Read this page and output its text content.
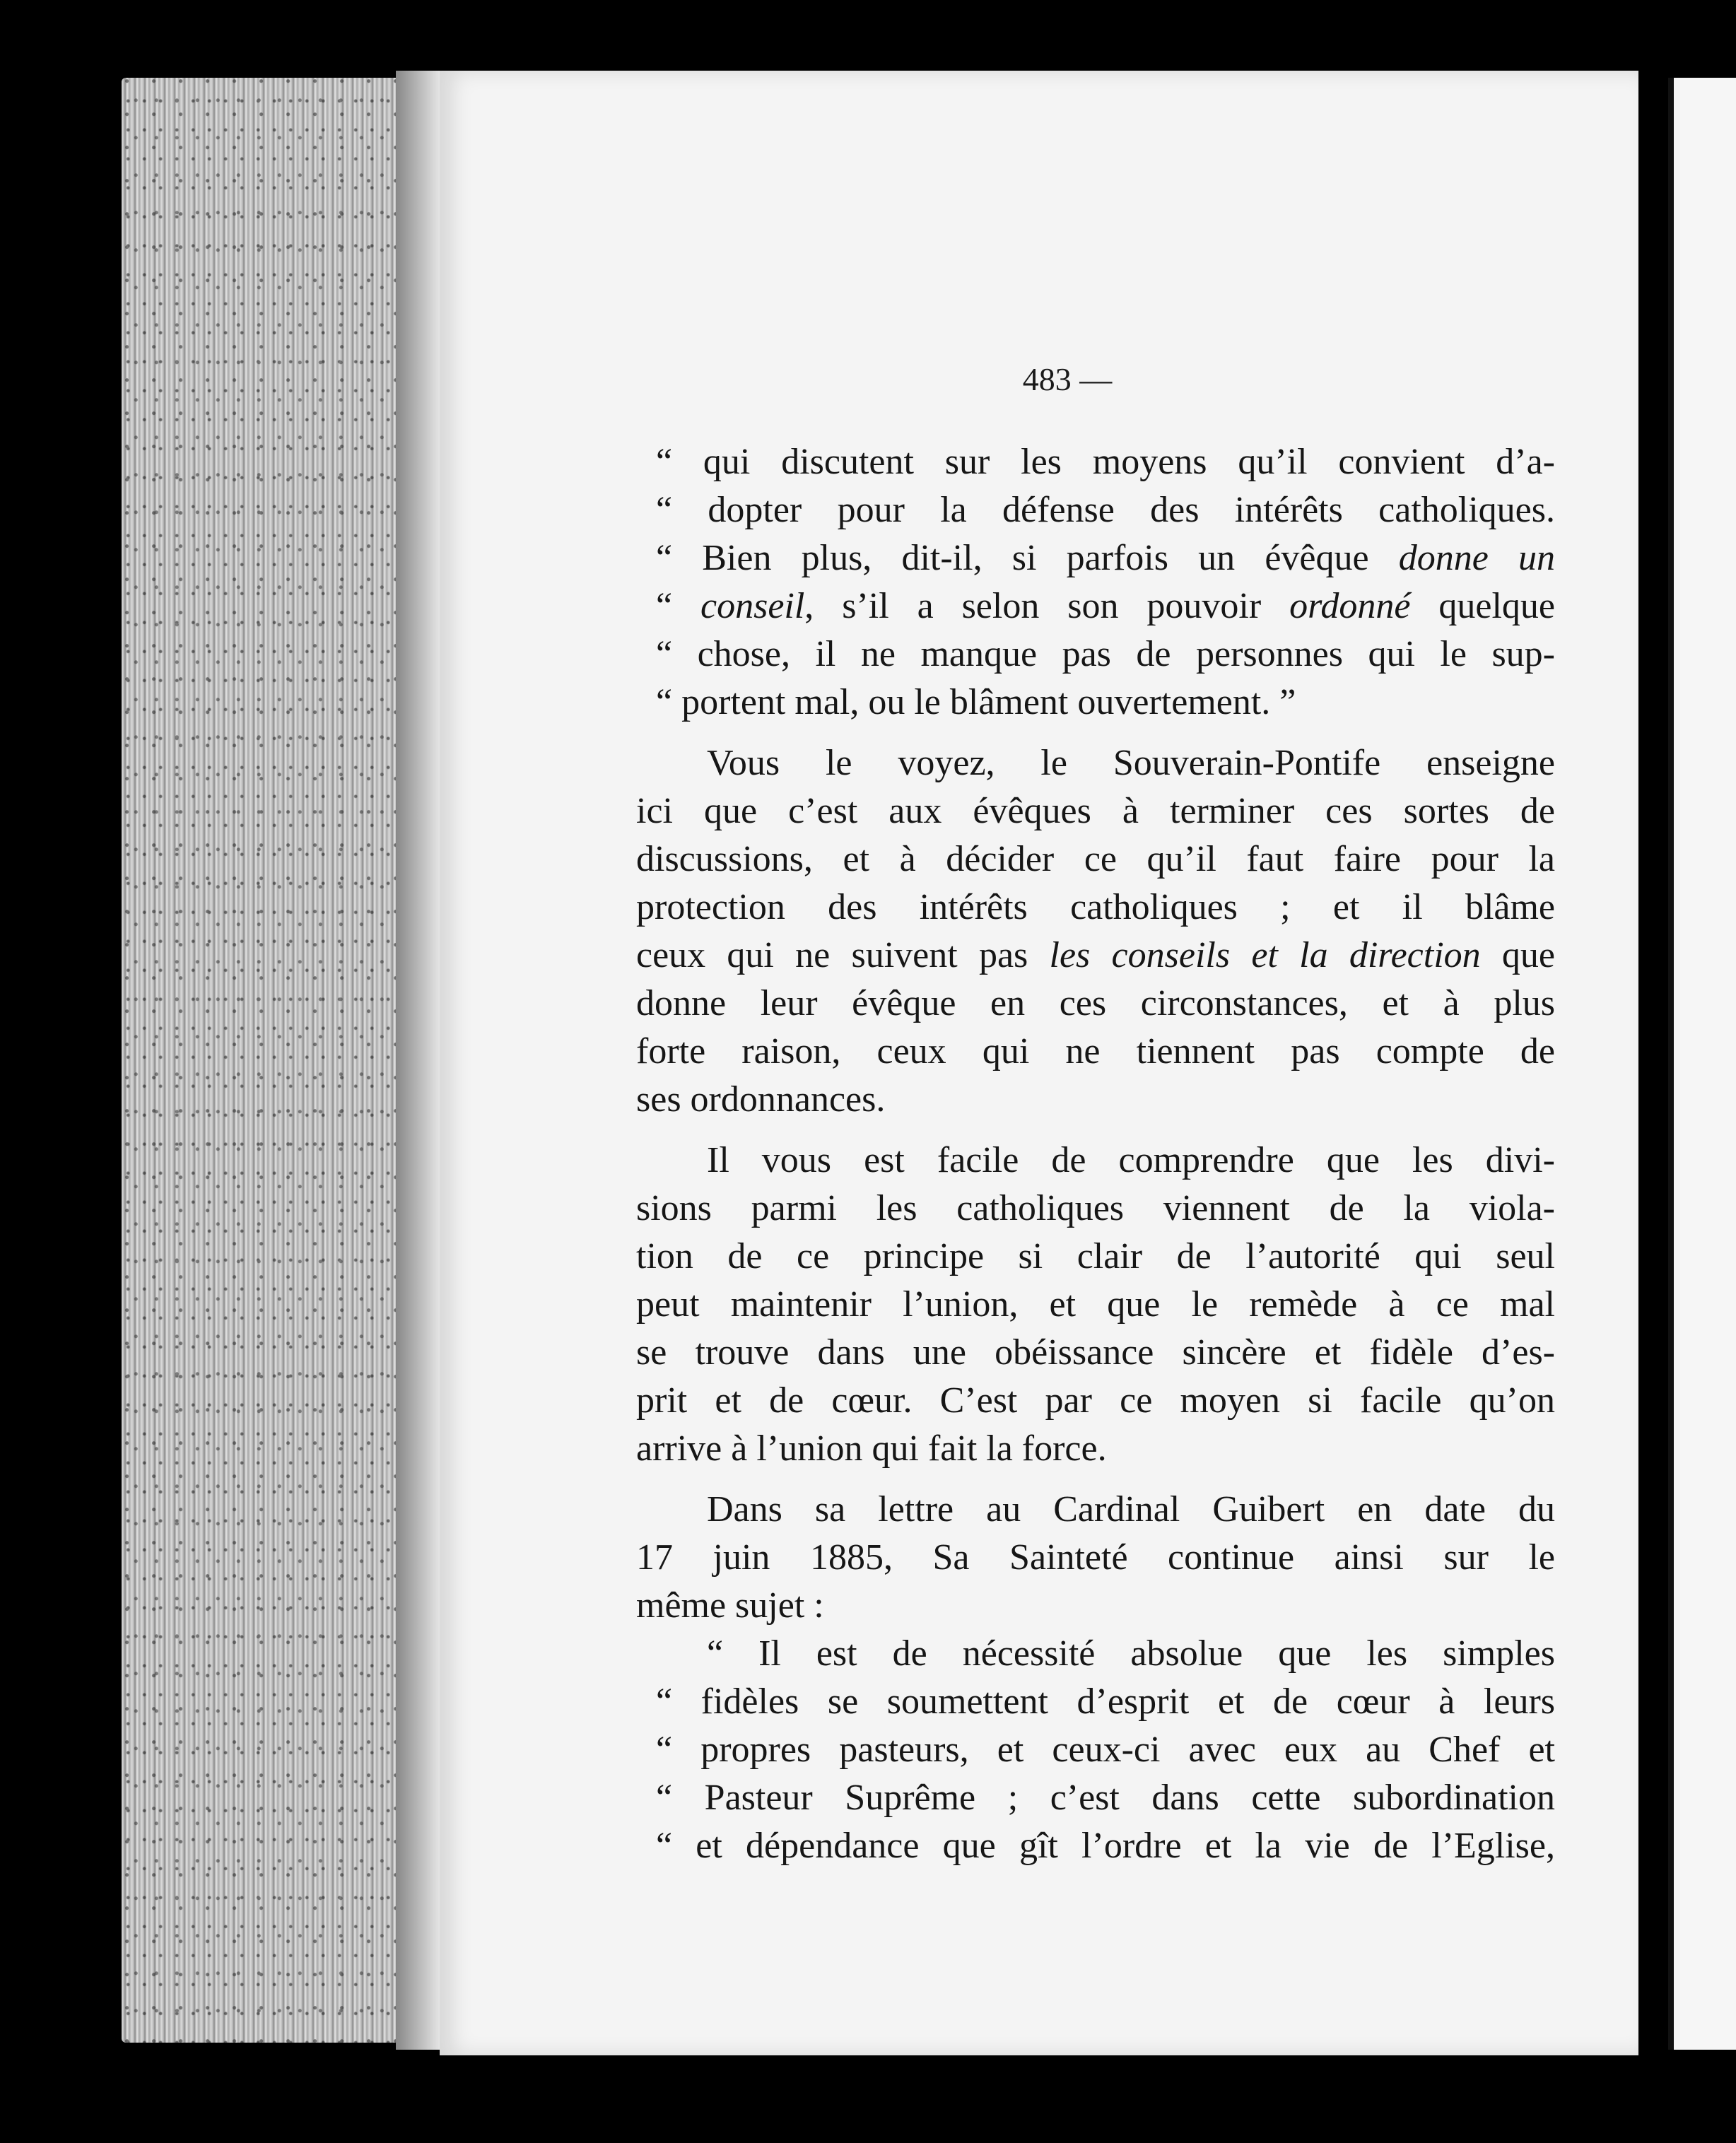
483 —
“ qui discutent sur les moyens qu’il convient d’a-
“ dopter pour la défense des intérêts catholiques.
“ Bien plus, dit-il, si parfois un évêque donne un
“ conseil, s’il a selon son pouvoir ordonné quelque
“ chose, il ne manque pas de personnes qui le sup-
“ portent mal, ou le blâment ouvertement. ”
Vous le voyez, le Souverain-Pontife enseigne
ici que c’est aux évêques à terminer ces sortes de
discussions, et à décider ce qu’il faut faire pour la
protection des intérêts catholiques ; et il blâme
ceux qui ne suivent pas les conseils et la direction que
donne leur évêque en ces circonstances, et à plus
forte raison, ceux qui ne tiennent pas compte de
ses ordonnances.
Il vous est facile de comprendre que les divi-
sions parmi les catholiques viennent de la viola-
tion de ce principe si clair de l’autorité qui seul
peut maintenir l’union, et que le remède à ce mal
se trouve dans une obéissance sincère et fidèle d’es-
prit et de cœur. C’est par ce moyen si facile qu’on
arrive à l’union qui fait la force.
Dans sa lettre au Cardinal Guibert en date du
17 juin 1885, Sa Sainteté continue ainsi sur le
même sujet :
“ Il est de nécessité absolue que les simples
“ fidèles se soumettent d’esprit et de cœur à leurs
“ propres pasteurs, et ceux-ci avec eux au Chef et
“ Pasteur Suprême ; c’est dans cette subordination
“ et dépendance que gît l’ordre et la vie de l’Eglise,
